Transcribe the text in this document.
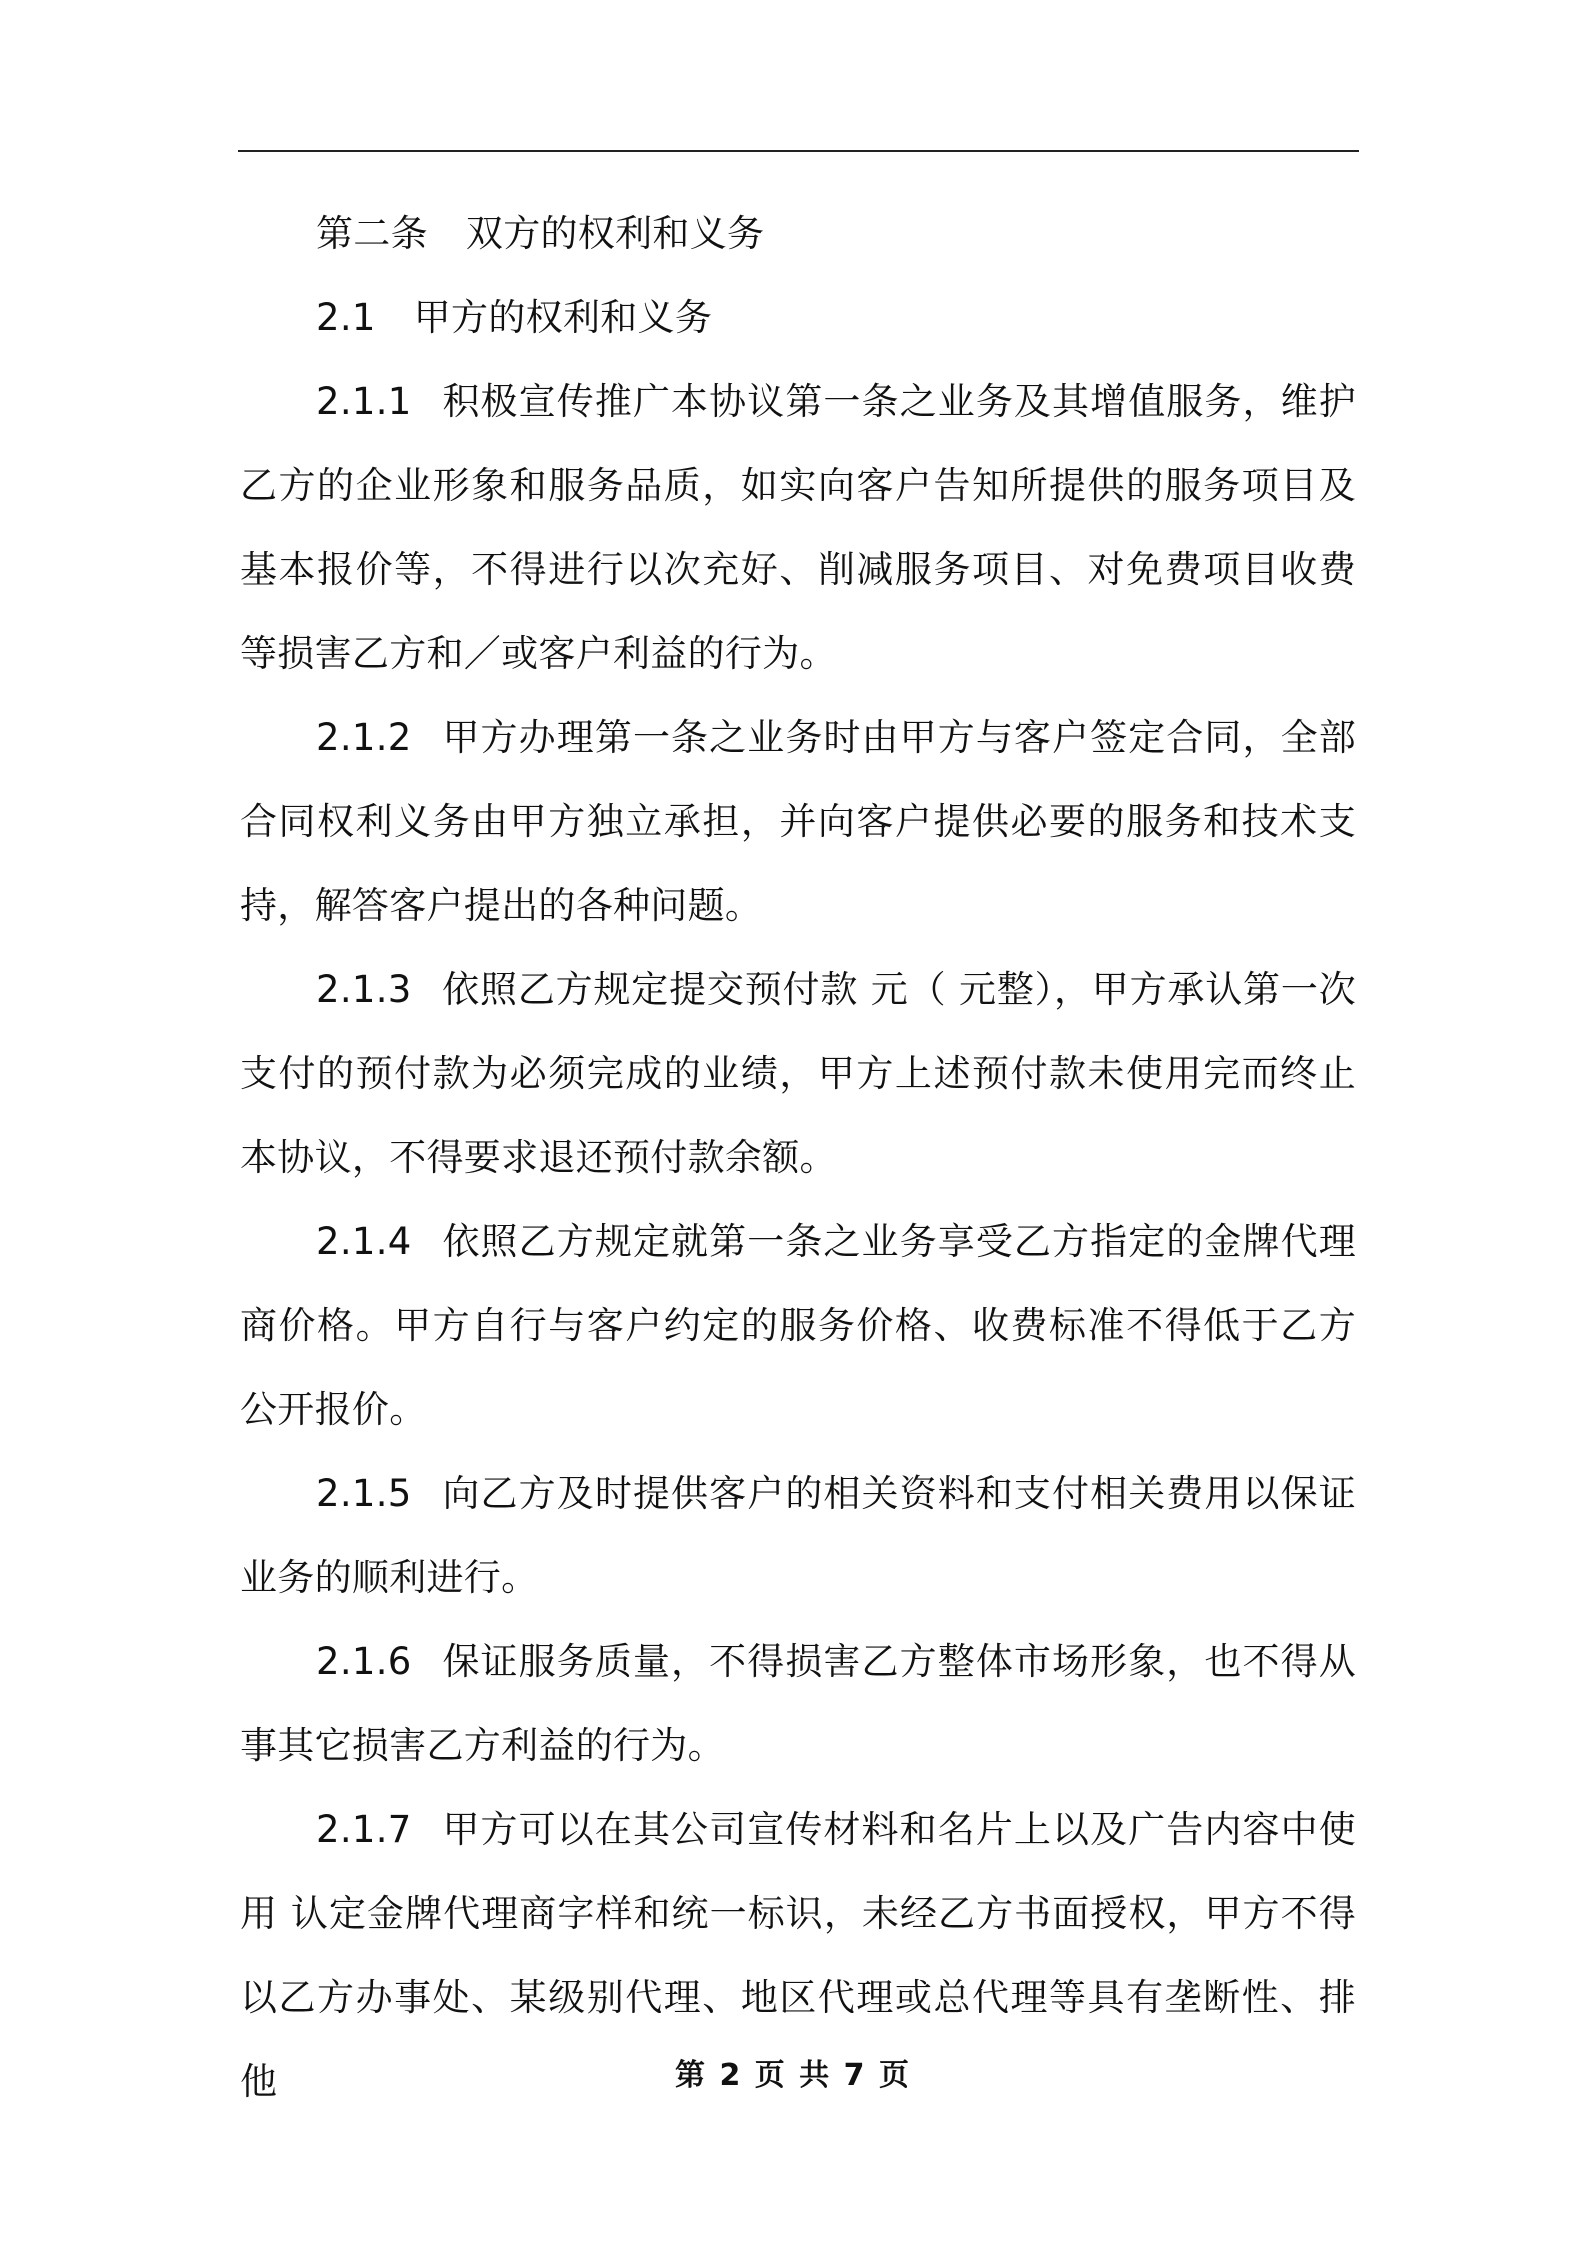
第二条 双方的权利和义务

2.1 甲方的权利和义务

2.1.1 积极宣传推广本协议第一条之业务及其增值服务，维护乙方的企业形象和服务品质，如实向客户告知所提供的服务项目及基本报价等，不得进行以次充好、削减服务项目、对免费项目收费等损害乙方和／或客户利益的行为。

2.1.2 甲方办理第一条之业务时由甲方与客户签定合同，全部合同权利义务由甲方独立承担，并向客户提供必要的服务和技术支持，解答客户提出的各种问题。

2.1.3 依照乙方规定提交预付款 元（ 元整），甲方承认第一次支付的预付款为必须完成的业绩，甲方上述预付款未使用完而终止本协议，不得要求退还预付款余额。

2.1.4 依照乙方规定就第一条之业务享受乙方指定的金牌代理商价格。甲方自行与客户约定的服务价格、收费标准不得低于乙方公开报价。

2.1.5 向乙方及时提供客户的相关资料和支付相关费用以保证业务的顺利进行。

2.1.6 保证服务质量，不得损害乙方整体市场形象，也不得从事其它损害乙方利益的行为。

2.1.7 甲方可以在其公司宣传材料和名片上以及广告内容中使用 认定金牌代理商字样和统一标识，未经乙方书面授权，甲方不得以乙方办事处、某级别代理、地区代理或总代理等具有垄断性、排他	第 2 页 共 7 页
